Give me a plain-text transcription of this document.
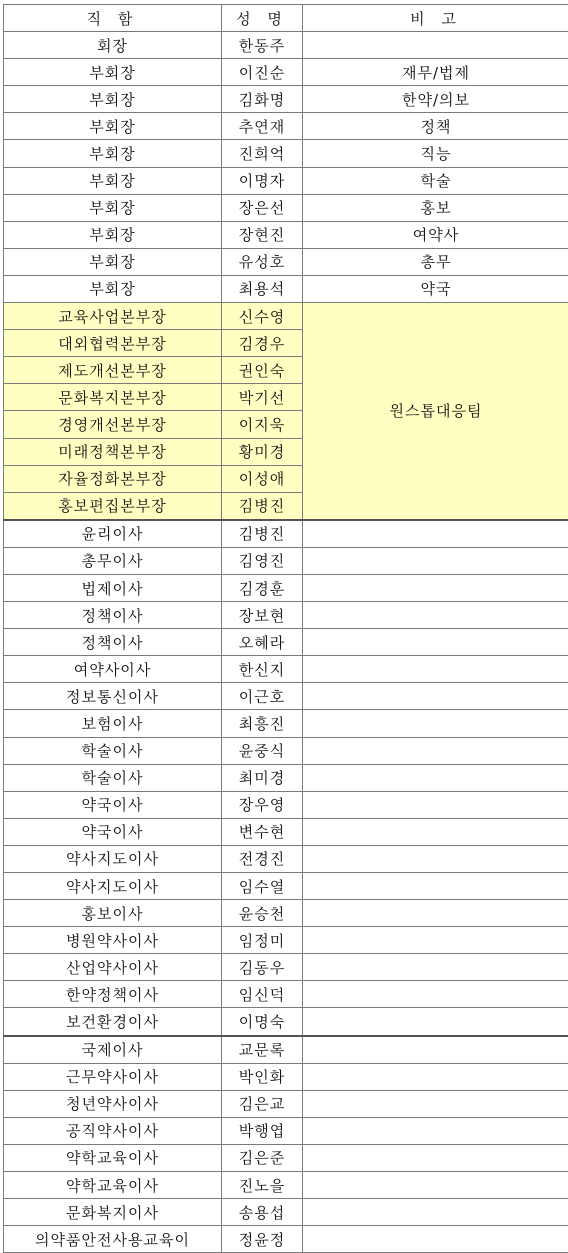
직 함	성 명	비 고
회장	한동주	
부회장	이진순	재무/법제
부회장	김화명	한약/의보
부회장	추연재	정책
부회장	진희억	직능
부회장	이명자	학술
부회장	장은선	홍보
부회장	장현진	여약사
부회장	유성호	총무
부회장	최용석	약국
교육사업본부장	신수영	원스톱대응팀
대외협력본부장	김경우	
제도개선본부장	권인숙	
문화복지본부장	박기선	
경영개선본부장	이지욱	
미래정책본부장	황미경	
자율정화본부장	이성애	
홍보편집본부장	김병진	
윤리이사	김병진	
총무이사	김영진	
법제이사	김경훈	
정책이사	장보현	
정책이사	오혜라	
여약사이사	한신지	
정보통신이사	이근호	
보험이사	최흥진	
학술이사	윤중식	
학술이사	최미경	
약국이사	장우영	
약국이사	변수현	
약사지도이사	전경진	
약사지도이사	임수열	
홍보이사	윤승천	
병원약사이사	임정미	
산업약사이사	김동우	
한약정책이사	임신덕	
보건환경이사	이명숙	
국제이사	교문록	
근무약사이사	박인화	
청년약사이사	김은교	
공직약사이사	박행엽	
약학교육이사	김은준	
약학교육이사	진노을	
문화복지이사	송용섭	
의약품안전사용교육이	정윤정	
